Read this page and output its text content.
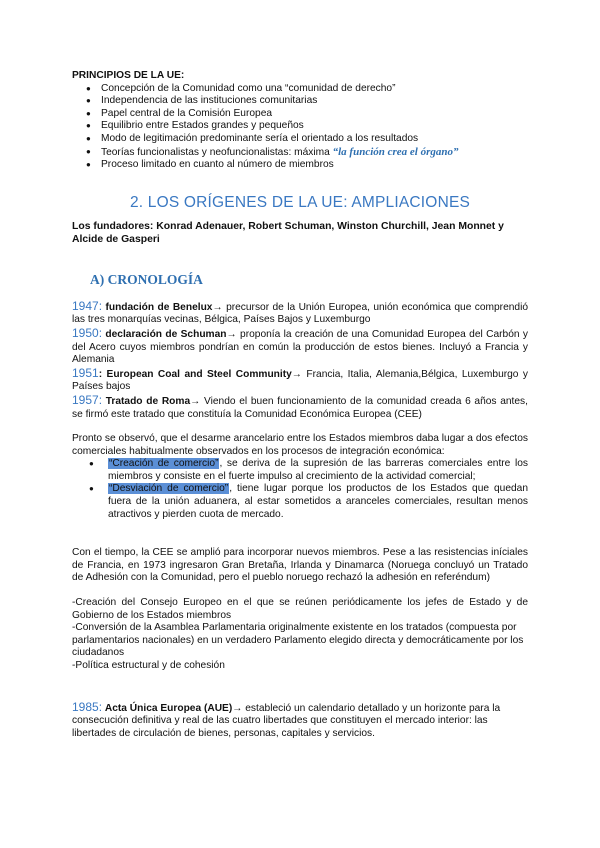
PRINCIPIOS DE LA UE:
● Concepción de la Comunidad como una “comunidad de derecho”
● Independencia de las instituciones comunitarias
● Papel central de la Comisión Europea
● Equilibrio entre Estados grandes y pequeños
● Modo de legitimación predominante sería el orientado a los resultados
● Teorías funcionalistas y neofuncionalistas: máxima “la función crea el órgano”
● Proceso limitado en cuanto al número de miembros
2. LOS ORÍGENES DE LA UE: AMPLIACIONES
Los fundadores: Konrad Adenauer, Robert Schuman, Winston Churchill, Jean Monnet y Alcide de Gasperi
A) CRONOLOGÍA
1947: fundación de Benelux→ precursor de la Unión Europea, unión económica que comprendió las tres monarquías vecinas, Bélgica, Países Bajos y Luxemburgo
1950: declaración de Schuman→ proponía la creación de una Comunidad Europea del Carbón y del Acero cuyos miembros pondrían en común la producción de estos bienes. Incluyó a Francia y Alemania
1951: European Coal and Steel Community→ Francia, Italia, Alemania,Bélgica, Luxemburgo y Países bajos
1957: Tratado de Roma→ Viendo el buen funcionamiento de la comunidad creada 6 años antes, se firmó este tratado que constituía la Comunidad Económica Europea (CEE)
Pronto se observó, que el desarme arancelario entre los Estados miembros daba lugar a dos efectos comerciales habitualmente observados en los procesos de integración económica:
● “Creación de comercio”, se deriva de la supresión de las barreras comerciales entre los miembros y consiste en el fuerte impulso al crecimiento de la actividad comercial;
● “Desviación de comercio”, tiene lugar porque los productos de los Estados que quedan fuera de la unión aduanera, al estar sometidos a aranceles comerciales, resultan menos atractivos y pierden cuota de mercado.
Con el tiempo, la CEE se amplió para incorporar nuevos miembros. Pese a las resistencias iníciales de Francia, en 1973 ingresaron Gran Bretaña, Irlanda y Dinamarca (Noruega concluyó un Tratado de Adhesión con la Comunidad, pero el pueblo noruego rechazó la adhesión en referéndum)
-Creación del Consejo Europeo en el que se reúnen periódicamente los jefes de Estado y de Gobierno de los Estados miembros
-Conversión de la Asamblea Parlamentaria originalmente existente en los tratados (compuesta por parlamentarios nacionales) en un verdadero Parlamento elegido directa y democráticamente por los ciudadanos
-Política estructural y de cohesión
1985: Acta Única Europea (AUE)→ estableció un calendario detallado y un horizonte para la consecución definitiva y real de las cuatro libertades que constituyen el mercado interior: las libertades de circulación de bienes, personas, capitales y servicios.
